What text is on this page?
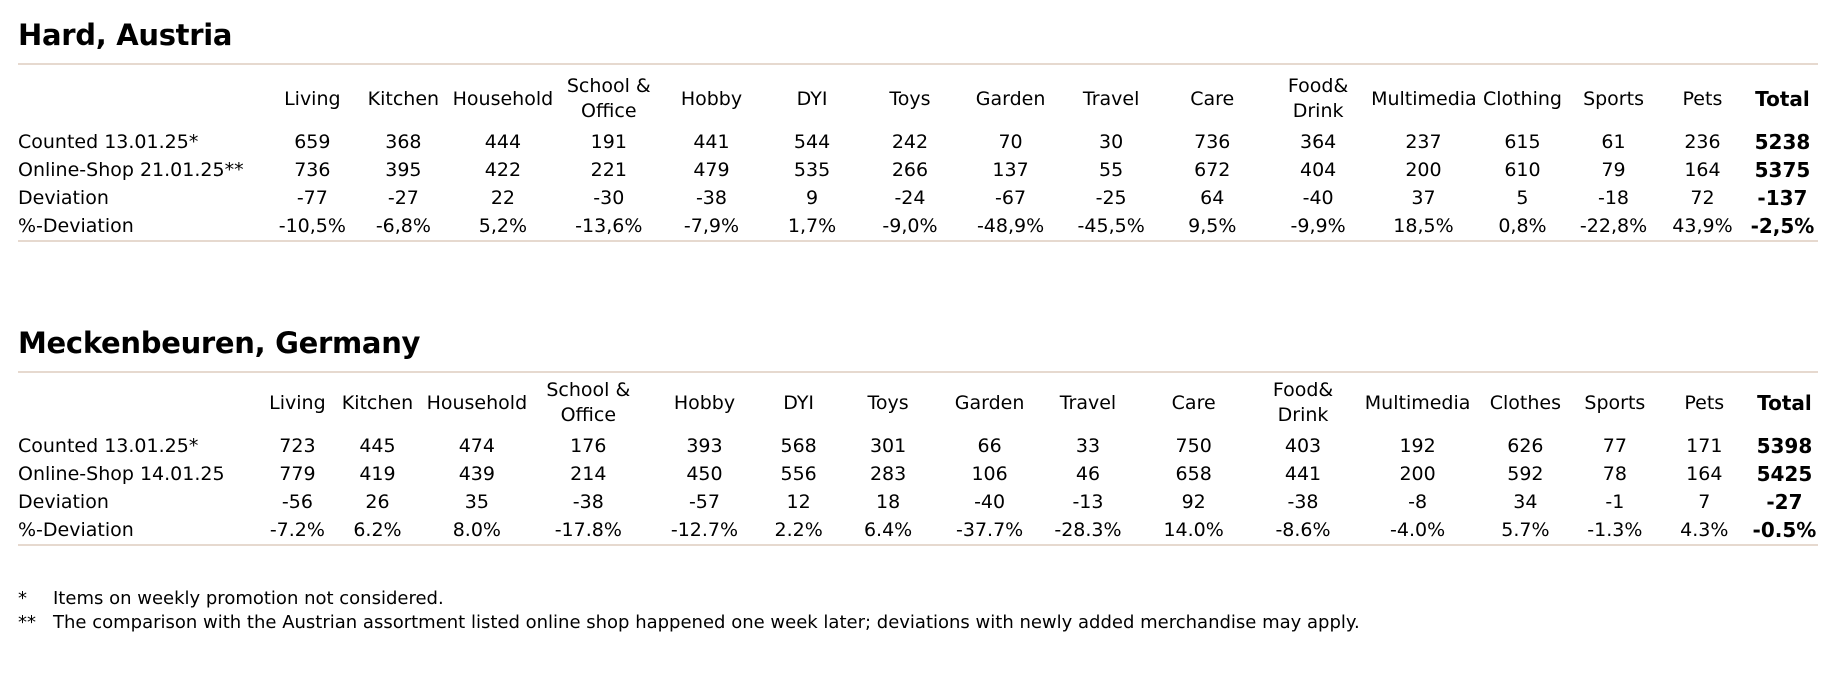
Hard, Austria
	Living	Kitchen	Household	School &
Office	Hobby	DYI	Toys	Garden	Travel	Care	Food&
Drink	Multimedia	Clothing	Sports	Pets	Total
Counted 13.01.25*	659	368	444	191	441	544	242	70	30	736	364	237	615	61	236	5238
Online-Shop 21.01.25**	736	395	422	221	479	535	266	137	55	672	404	200	610	79	164	5375
Deviation	-77	-27	22	-30	-38	9	-24	-67	-25	64	-40	37	5	-18	72	-137
%-Deviation	-10,5%	-6,8%	5,2%	-13,6%	-7,9%	1,7%	-9,0%	-48,9%	-45,5%	9,5%	-9,9%	18,5%	0,8%	-22,8%	43,9%	-2,5%
Meckenbeuren, Germany
	Living	Kitchen	Household	School &
Office	Hobby	DYI	Toys	Garden	Travel	Care	Food&
Drink	Multimedia	Clothes	Sports	Pets	Total
Counted 13.01.25*	723	445	474	176	393	568	301	66	33	750	403	192	626	77	171	5398
Online-Shop 14.01.25	779	419	439	214	450	556	283	106	46	658	441	200	592	78	164	5425
Deviation	-56	26	35	-38	-57	12	18	-40	-13	92	-38	-8	34	-1	7	-27
%-Deviation	-7.2%	6.2%	8.0%	-17.8%	-12.7%	2.2%	6.4%	-37.7%	-28.3%	14.0%	-8.6%	-4.0%	5.7%	-1.3%	4.3%	-0.5%
*	Items on weekly promotion not considered.
** The comparison with the Austrian assortment listed online shop happened one week later; deviations with newly added merchandise may apply.
